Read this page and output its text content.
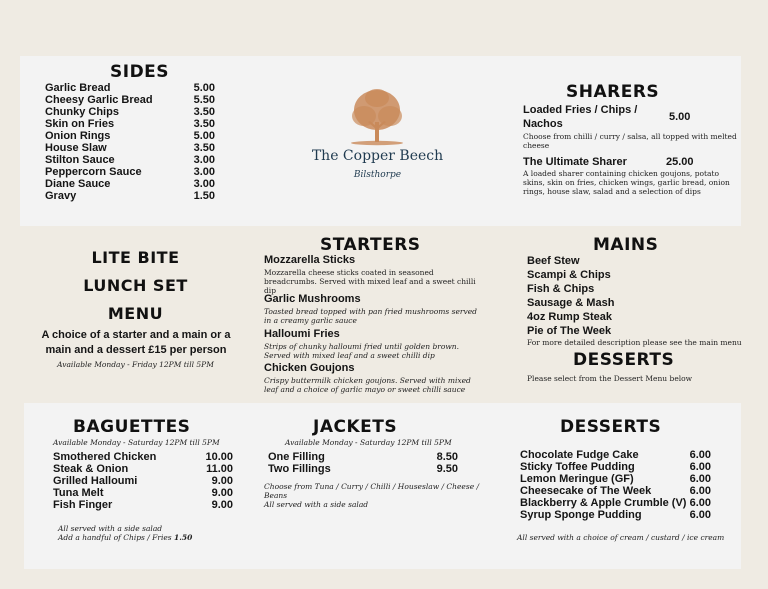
SIDES
Garlic Bread	5.00
Cheesy Garlic Bread	5.50
Chunky Chips	3.50
Skin on Fries	3.50
Onion Rings	5.00
House Slaw	3.50
Stilton Sauce	3.00
Peppercorn Sauce	3.00
Diane Sauce	3.00
Gravy	1.50
The Copper Beech
Bilsthorpe
SHARERS
Loaded Fries / Chips /
Nachos
5.00
Choose from chilli / curry / salsa, all topped with melted cheese
The Ultimate Sharer	25.00
A loaded sharer containing chicken goujons, potato skins, skin on fries, chicken wings, garlic bread, onion rings, house slaw, salad and a selection of dips
LITE BITE
LUNCH SET
MENU
A choice of a starter and a main or a main and a dessert £15 per person
Available Monday - Friday 12PM till 5PM
STARTERS
Mozzarella Sticks
Mozzarella cheese sticks coated in seasoned breadcrumbs. Served with mixed leaf and a sweet chilli dip
Garlic Mushrooms
Toasted bread topped with pan fried mushrooms served in a creamy garlic sauce
Halloumi Fries
Strips of chunky halloumi fried until golden brown. Served with mixed leaf and a sweet chilli dip
Chicken Goujons
Crispy buttermilk chicken goujons. Served with mixed leaf and a choice of garlic mayo or sweet chilli sauce
MAINS
Beef Stew
Scampi & Chips
Fish & Chips
Sausage & Mash
4oz Rump Steak
Pie of The Week
For more detailed description please see the main menu
DESSERTS
Please select from the Dessert Menu below
BAGUETTES
Available Monday - Saturday 12PM till 5PM
Smothered Chicken	10.00
Steak & Onion	11.00
Grilled Halloumi	9.00
Tuna Melt	9.00
Fish Finger	9.00
All served with a side salad
Add a handful of Chips / Fries 1.50
JACKETS
Available Monday - Saturday 12PM till 5PM
One Filling	8.50
Two Fillings	9.50
Choose from Tuna / Curry / Chilli / Houseslaw / Cheese / Beans
All served with a side salad
DESSERTS
Chocolate Fudge Cake	6.00
Sticky Toffee Pudding	6.00
Lemon Meringue (GF)	6.00
Cheesecake of The Week	6.00
Blackberry & Apple Crumble (V) 6.00
Syrup Sponge Pudding	6.00
All served with a choice of cream / custard / ice cream
